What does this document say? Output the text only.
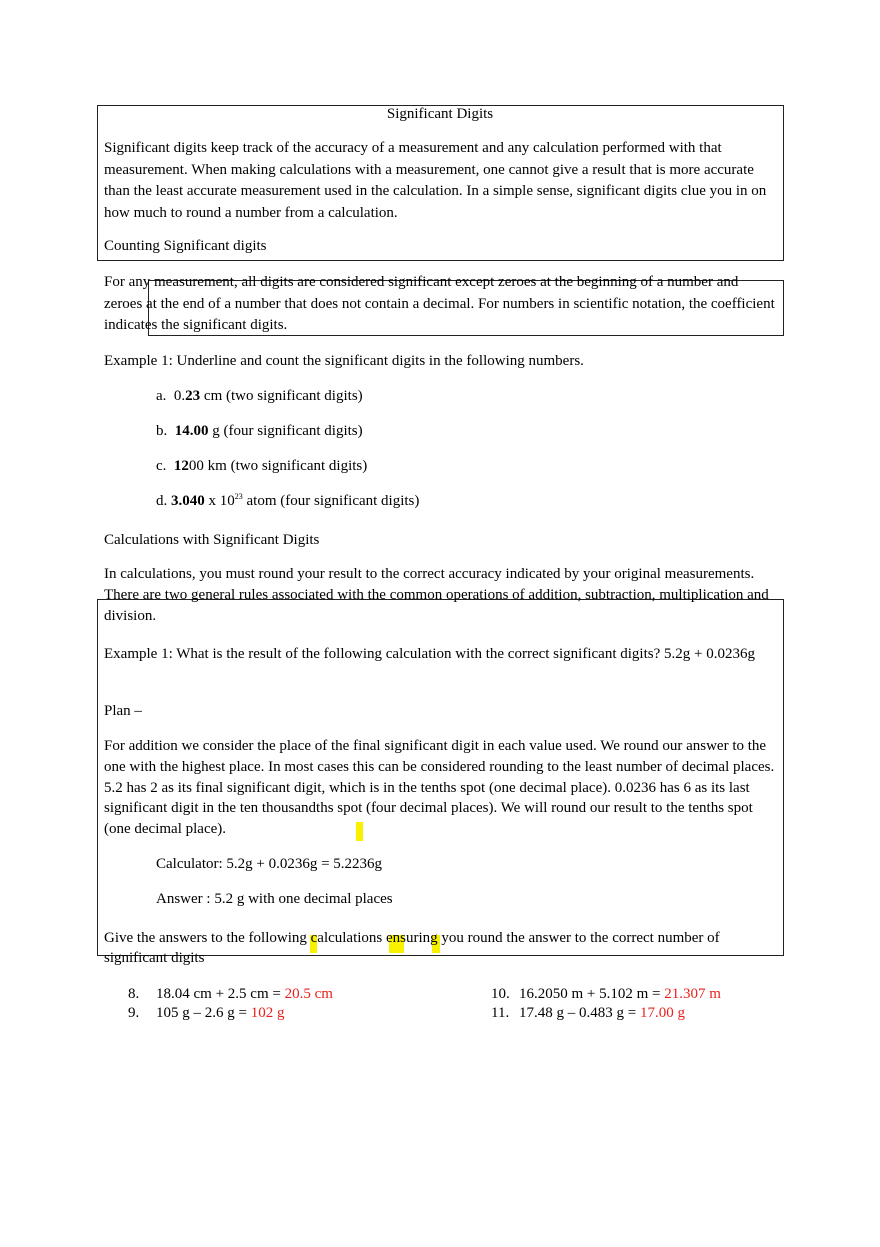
Significant Digits

Significant digits keep track of the accuracy of a measurement and any calculation performed with that measurement. When making calculations with a measurement, one cannot give a result that is more accurate than the least accurate measurement used in the calculation. In a simple sense, significant digits clue you in on how much to round a number from a calculation.

Counting Significant digits

For any measurement, all digits are considered significant except zeroes at the beginning of a number and zeroes at the end of a number that does not contain a decimal. For numbers in scientific notation, the coefficient indicates the significant digits.

Example 1: Underline and count the significant digits in the following numbers.

a. 0.23 cm (two significant digits)

b. 14.00 g (four significant digits)

c. 1200 km (two significant digits)

d. 3.040 x $10^{23}$ atom (four significant digits)

Calculations with Significant Digits

In calculations, you must round your result to the correct accuracy indicated by your original measurements. There are two general rules associated with the common operations of addition, subtraction, multiplication and division.

Example 1: What is the result of the following calculation with the correct significant digits? 5.2g + 0.0236g

Plan –

For addition we consider the place of the final significant digit in each value used. We round our answer to the one with the highest place. In most cases this can be considered rounding to the least number of decimal places. 5.2 has 2 as its final significant digit, which is in the tenths spot (one decimal place). 0.0236 has 6 as its last significant digit in the ten thousandths spot (four decimal places). We will round our result to the tenths spot (one decimal place).

Calculator: 5.2g + 0.0236g = 5.2236g

Answer : 5.2 g with one decimal places

Give the answers to the following calculations ensuring you round the answer to the correct number of significant digits

8. 18.04 cm + 2.5 cm = 20.5 cm

9. 105 g – 2.6 g = 102 g

10. 16.2050 m + 5.102 m = 21.307 m

11. 17.48 g – 0.483 g = 17.00 g
